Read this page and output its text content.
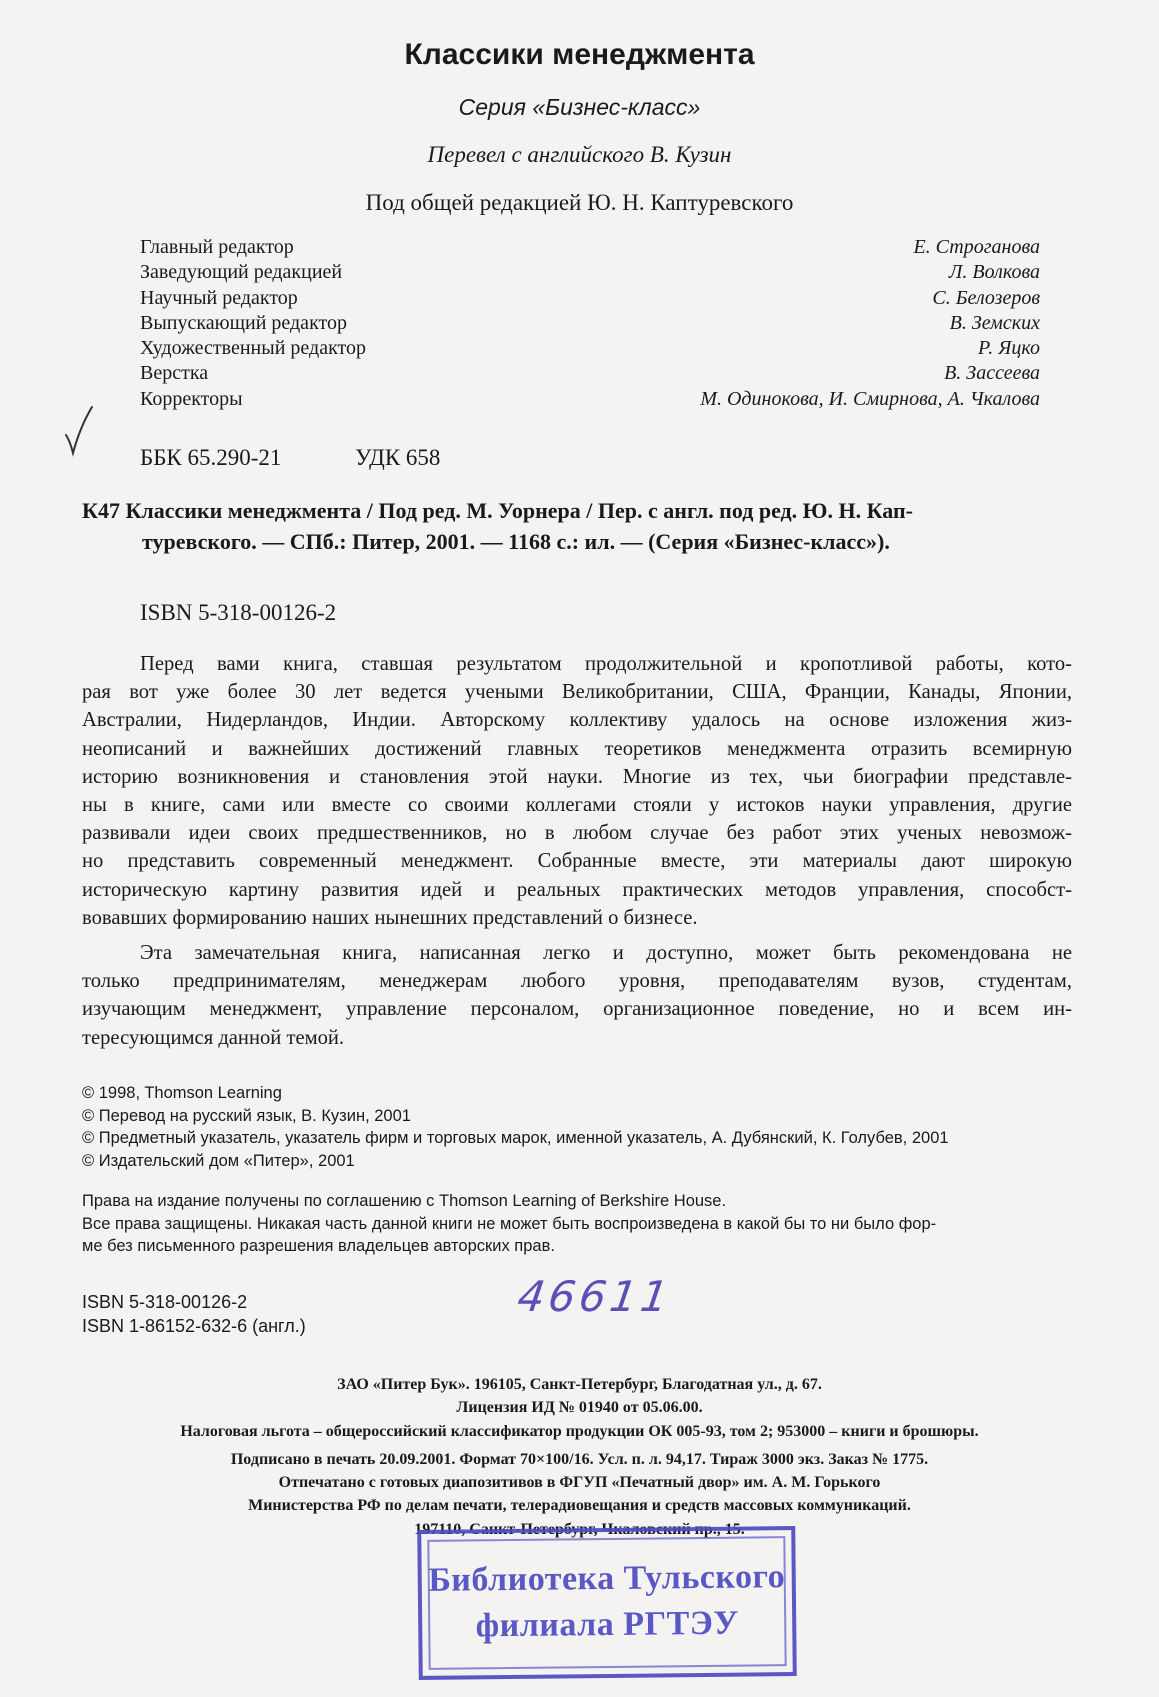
Классики менеджмента
Серия «Бизнес-класс»
Перевел с английского В. Кузин
Под общей редакцией Ю. Н. Каптуревского
Главный редактор	Е. Строганова
Заведующий редакцией	Л. Волкова
Научный редактор	С. Белозеров
Выпускающий редактор	В. Земских
Художественный редактор	Р. Яцко
Верстка	В. Зассеева
Корректоры	М. Одинокова, И. Смирнова, А. Чкалова
ББК 65.290-21	УДК 658
К47 Классики менеджмента / Под ред. М. Уорнера / Пер. с англ. под ред. Ю. Н. Кап-
туревского. — СПб.: Питер, 2001. — 1168 с.: ил. — (Серия «Бизнес-класс»).
ISBN 5-318-00126-2
Перед вами книга, ставшая результатом продолжительной и кропотливой работы, кото-
рая вот уже более 30 лет ведется учеными Великобритании, США, Франции, Канады, Японии,
Австралии, Нидерландов, Индии. Авторскому коллективу удалось на основе изложения жиз-
неописаний и важнейших достижений главных теоретиков менеджмента отразить всемирную
историю возникновения и становления этой науки. Многие из тех, чьи биографии представле-
ны в книге, сами или вместе со своими коллегами стояли у истоков науки управления, другие
развивали идеи своих предшественников, но в любом случае без работ этих ученых невозмож-
но представить современный менеджмент. Собранные вместе, эти материалы дают широкую
историческую картину развития идей и реальных практических методов управления, способст-
вовавших формированию наших нынешних представлений о бизнесе.
Эта замечательная книга, написанная легко и доступно, может быть рекомендована не
только предпринимателям, менеджерам любого уровня, преподавателям вузов, студентам,
изучающим менеджмент, управление персоналом, организационное поведение, но и всем ин-
тересующимся данной темой.
© 1998, Thomson Learning
© Перевод на русский язык, В. Кузин, 2001
© Предметный указатель, указатель фирм и торговых марок, именной указатель, А. Дубянский, К. Голубев, 2001
© Издательский дом «Питер», 2001
Права на издание получены по соглашению с Thomson Learning of Berkshire House.
Все права защищены. Никакая часть данной книги не может быть воспроизведена в какой бы то ни было фор-
ме без письменного разрешения владельцев авторских прав.
ISBN 5-318-00126-2
ISBN 1-86152-632-6 (англ.)
46611
ЗАО «Питер Бук». 196105, Санкт-Петербург, Благодатная ул., д. 67.
Лицензия ИД № 01940 от 05.06.00.
Налоговая льгота – общероссийский классификатор продукции ОК 005-93, том 2; 953000 – книги и брошюры.
Подписано в печать 20.09.2001. Формат 70×100/16. Усл. п. л. 94,17. Тираж 3000 экз. Заказ № 1775.
Отпечатано с готовых диапозитивов в ФГУП «Печатный двор» им. А. М. Горького
Министерства РФ по делам печати, телерадиовещания и средств массовых коммуникаций.
197110, Санкт-Петербург, Чкаловский пр., 15.
Библиотека Тульского
филиала РГТЭУ
